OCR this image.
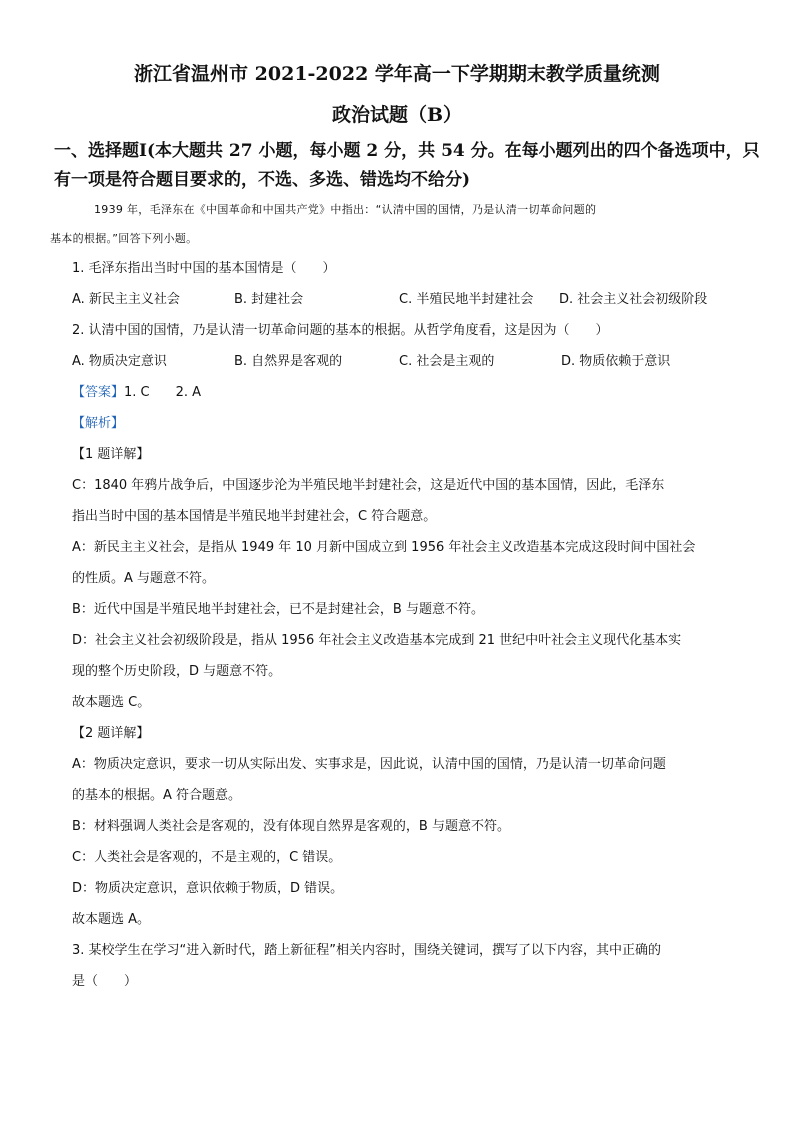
浙江省温州市 2021-2022 学年高一下学期期末教学质量统测
政治试题（B）
一、选择题Ⅰ(本大题共 27 小题，每小题 2 分，共 54 分。在每小题列出的四个备选项中，只
有一项是符合题目要求的，不选、多选、错选均不给分)
1939 年，毛泽东在《中国革命和中国共产党》中指出：“认清中国的国情，乃是认清一切革命问题的
基本的根据。”回答下列小题。
1. 毛泽东指出当时中国的基本国情是（　　）
A. 新民主主义社会	B. 封建社会	C. 半殖民地半封建社会	D. 社会主义社会初级阶段
2. 认清中国的国情，乃是认清一切革命问题的基本的根据。从哲学角度看，这是因为（　　）
A. 物质决定意识	B. 自然界是客观的	C. 社会是主观的	D. 物质依赖于意识
【答案】1. C　　2. A
【解析】
【1 题详解】
C：1840 年鸦片战争后，中国逐步沦为半殖民地半封建社会，这是近代中国的基本国情，因此，毛泽东
指出当时中国的基本国情是半殖民地半封建社会，C 符合题意。
A：新民主主义社会，是指从 1949 年 10 月新中国成立到 1956 年社会主义改造基本完成这段时间中国社会
的性质。A 与题意不符。
B：近代中国是半殖民地半封建社会，已不是封建社会，B 与题意不符。
D：社会主义社会初级阶段是，指从 1956 年社会主义改造基本完成到 21 世纪中叶社会主义现代化基本实
现的整个历史阶段，D 与题意不符。
故本题选 C。
【2 题详解】
A：物质决定意识，要求一切从实际出发、实事求是，因此说，认清中国的国情，乃是认清一切革命问题
的基本的根据。A 符合题意。
B：材料强调人类社会是客观的，没有体现自然界是客观的，B 与题意不符。
C：人类社会是客观的，不是主观的，C 错误。
D：物质决定意识，意识依赖于物质，D 错误。
故本题选 A。
3. 某校学生在学习“进入新时代，踏上新征程”相关内容时，围绕关键词，撰写了以下内容，其中正确的
是（　　）
